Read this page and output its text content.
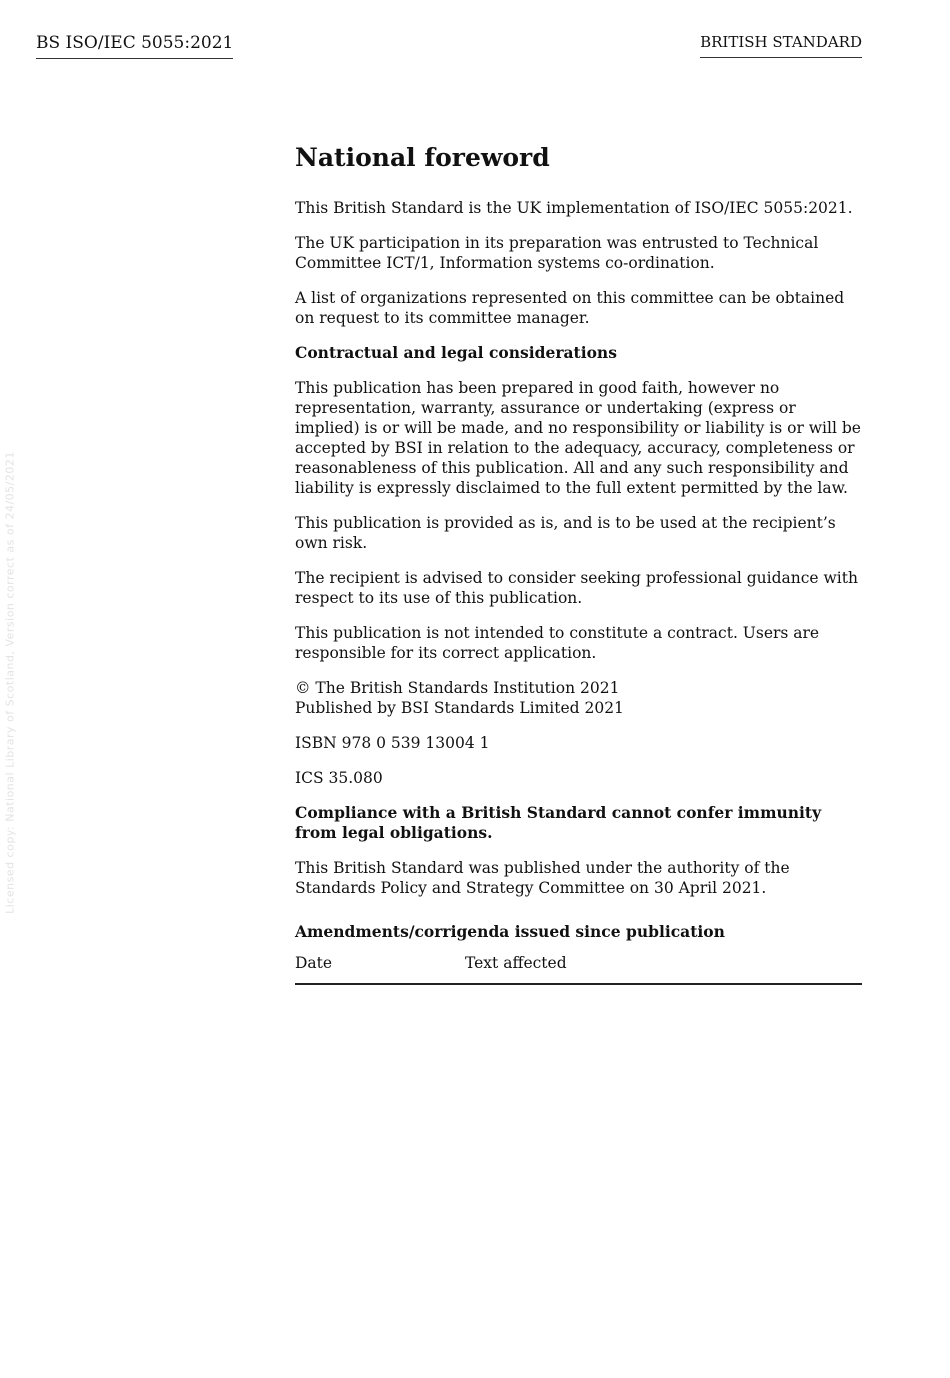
BS ISO/IEC 5055:2021	BRITISH STANDARD
Licensed copy: National Library of Scotland, Version correct as of 24/05/2021
National foreword

This British Standard is the UK implementation of ISO/IEC 5055:2021.

The UK participation in its preparation was entrusted to Technical Committee ICT/1, Information systems co-ordination.

A list of organizations represented on this committee can be obtained on request to its committee manager.

Contractual and legal considerations

This publication has been prepared in good faith, however no representation, warranty, assurance or undertaking (express or implied) is or will be made, and no responsibility or liability is or will be accepted by BSI in relation to the adequacy, accuracy, completeness or reasonableness of this publication. All and any such responsibility and liability is expressly disclaimed to the full extent permitted by the law.

This publication is provided as is, and is to be used at the recipient’s own risk.

The recipient is advised to consider seeking professional guidance with respect to its use of this publication.

This publication is not intended to constitute a contract. Users are responsible for its correct application.

© The British Standards Institution 2021
Published by BSI Standards Limited 2021

ISBN 978 0 539 13004 1

ICS 35.080

Compliance with a British Standard cannot confer immunity from legal obligations.

This British Standard was published under the authority of the Standards Policy and Strategy Committee on 30 April 2021.

Amendments/corrigenda issued since publication
Date	Text affected
